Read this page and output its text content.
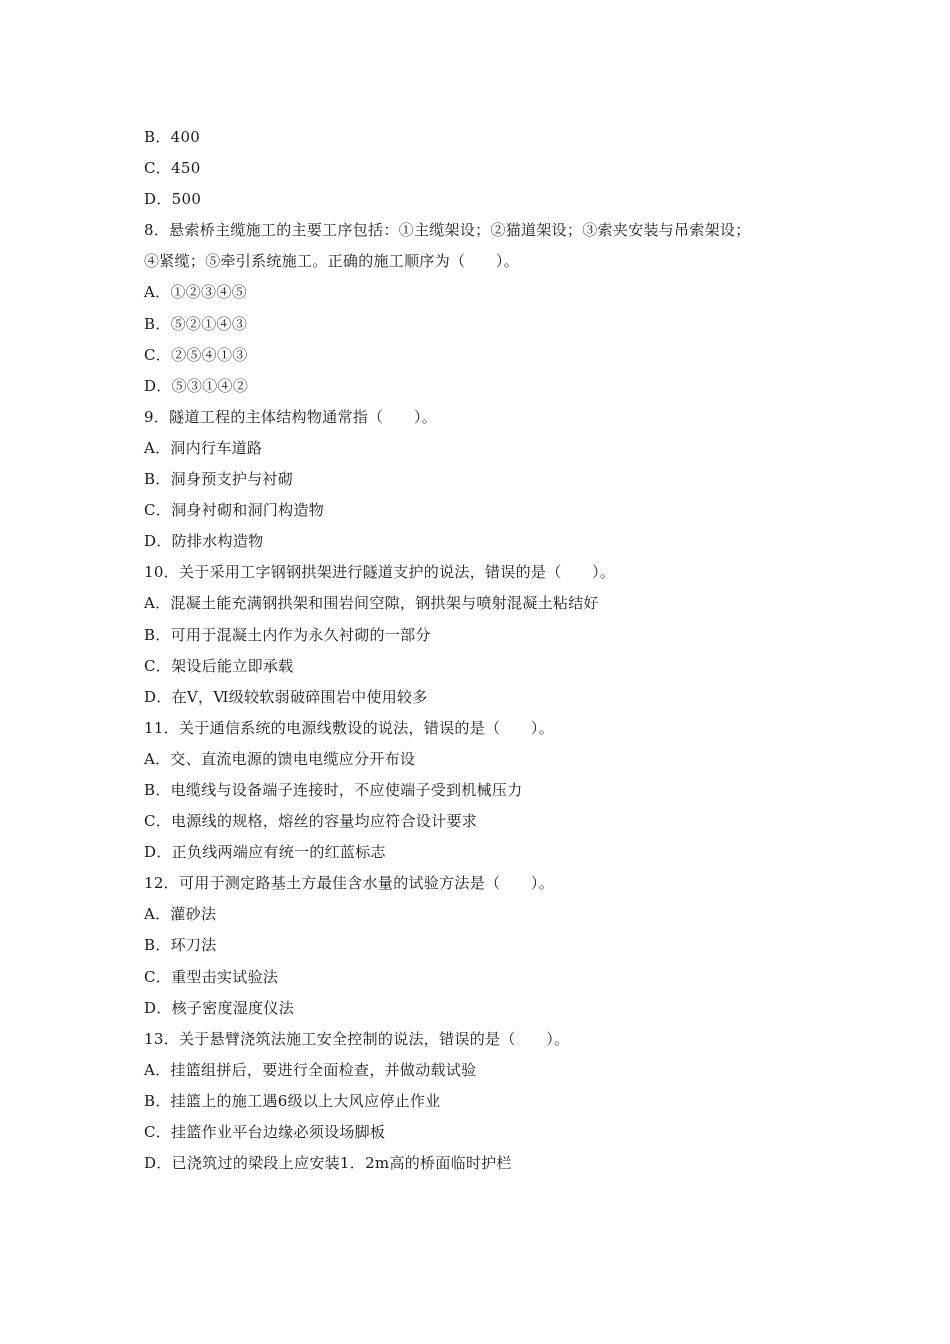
B．400
C．450
D．500
8．悬索桥主缆施工的主要工序包括：①主缆架设；②猫道架设；③索夹安装与吊索架设；
④紧缆；⑤牵引系统施工。正确的施工顺序为（　　）。
A．①②③④⑤
B．⑤②①④③
C．②⑤④①③
D．⑤③①④②
9．隧道工程的主体结构物通常指（　　）。
A．洞内行车道路
B．洞身预支护与衬砌
C．洞身衬砌和洞门构造物
D．防排水构造物
10．关于采用工字钢钢拱架进行隧道支护的说法，错误的是（　　）。
A．混凝土能充满钢拱架和围岩间空隙，钢拱架与喷射混凝土粘结好
B．可用于混凝土内作为永久衬砌的一部分
C．架设后能立即承载
D．在Ⅴ，Ⅵ级较软弱破碎围岩中使用较多
11．关于通信系统的电源线敷设的说法，错误的是（　　）。
A．交、直流电源的馈电电缆应分开布设
B．电缆线与设备端子连接时，不应使端子受到机械压力
C．电源线的规格，熔丝的容量均应符合设计要求
D．正负线两端应有统一的红蓝标志
12．可用于测定路基土方最佳含水量的试验方法是（　　）。
A．灌砂法
B．环刀法
C．重型击实试验法
D．核子密度湿度仪法
13．关于悬臂浇筑法施工安全控制的说法，错误的是（　　）。
A．挂篮组拼后，要进行全面检查，并做动载试验
B．挂篮上的施工遇6级以上大风应停止作业
C．挂篮作业平台边缘必须设场脚板
D．已浇筑过的梁段上应安装1．2m高的桥面临时护栏
